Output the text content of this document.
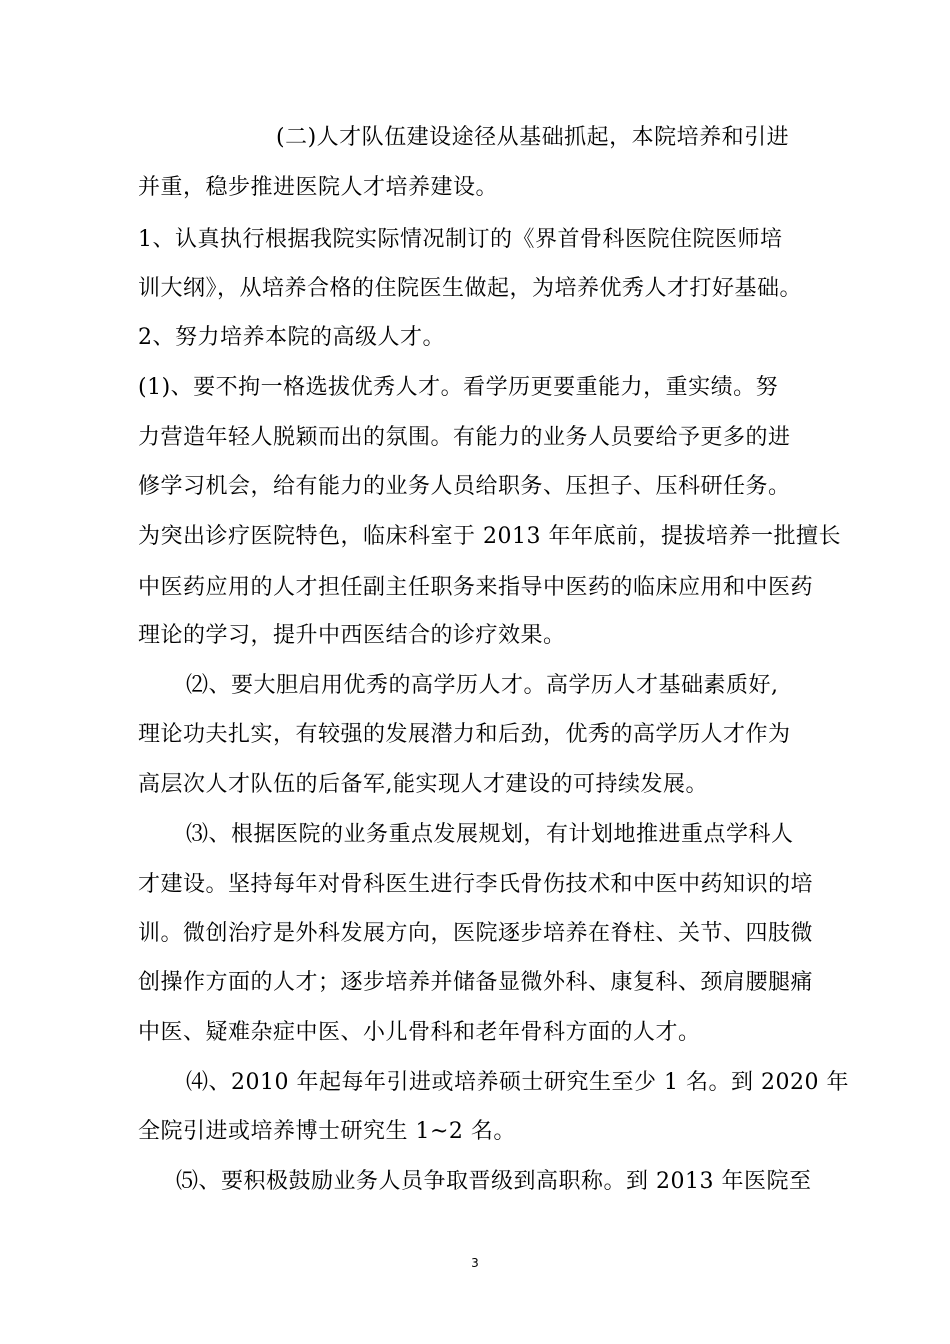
(二)人才队伍建设途径从基础抓起，本院培养和引进
并重，稳步推进医院人才培养建设。
1、认真执行根据我院实际情况制订的《界首骨科医院住院医师培
训大纲》，从培养合格的住院医生做起，为培养优秀人才打好基础。
2、努力培养本院的高级人才。
(1)、要不拘一格选拔优秀人才。看学历更要重能力，重实绩。努
力营造年轻人脱颖而出的氛围。有能力的业务人员要给予更多的进
修学习机会，给有能力的业务人员给职务、压担子、压科研任务。
为突出诊疗医院特色，临床科室于 2013 年年底前，提拔培养一批擅长
中医药应用的人才担任副主任职务来指导中医药的临床应用和中医药
理论的学习，提升中西医结合的诊疗效果。
⑵、要大胆启用优秀的高学历人才。高学历人才基础素质好,
理论功夫扎实，有较强的发展潜力和后劲，优秀的高学历人才作为
高层次人才队伍的后备军,能实现人才建设的可持续发展。
⑶、根据医院的业务重点发展规划，有计划地推进重点学科人
才建设。坚持每年对骨科医生进行李氏骨伤技术和中医中药知识的培
训。微创治疗是外科发展方向，医院逐步培养在脊柱、关节、四肢微
创操作方面的人才；逐步培养并储备显微外科、康复科、颈肩腰腿痛
中医、疑难杂症中医、小儿骨科和老年骨科方面的人才。
⑷、2010 年起每年引进或培养硕士研究生至少 1 名。到 2020 年
全院引进或培养博士研究生 1~2 名。
⑸、要积极鼓励业务人员争取晋级到高职称。到 2013 年医院至
3
